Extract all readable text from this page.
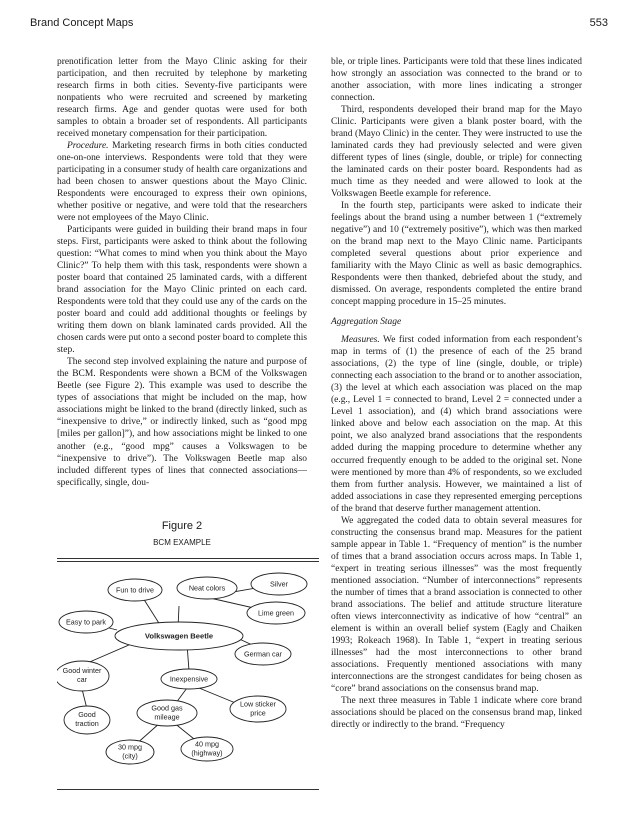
Brand Concept Maps	553

prenotification letter from the Mayo Clinic asking for their participation, and then recruited by telephone by marketing research firms in both cities. Seventy-five participants were nonpatients who were recruited and screened by marketing research firms. Age and gender quotas were used for both samples to obtain a broader set of respondents. All participants received monetary compensation for their participation.

Procedure. Marketing research firms in both cities conducted one-on-one interviews. Respondents were told that they were participating in a consumer study of health care organizations and had been chosen to answer questions about the Mayo Clinic. Respondents were encouraged to express their own opinions, whether positive or negative, and were told that the researchers were not employees of the Mayo Clinic.

Participants were guided in building their brand maps in four steps. First, participants were asked to think about the following question: “What comes to mind when you think about the Mayo Clinic?” To help them with this task, respondents were shown a poster board that contained 25 laminated cards, with a different brand association for the Mayo Clinic printed on each card. Respondents were told that they could use any of the cards on the poster board and could add additional thoughts or feelings by writing them down on blank laminated cards provided. All the chosen cards were put onto a second poster board to complete this step.

The second step involved explaining the nature and purpose of the BCM. Respondents were shown a BCM of the Volkswagen Beetle (see Figure 2). This example was used to describe the types of associations that might be included on the map, how associations might be linked to the brand (directly linked, such as “inexpensive to drive,” or indirectly linked, such as “good mpg [miles per gallon]”), and how associations might be linked to one another (e.g., “good mpg” causes a Volkswagen to be “inexpensive to drive”). The Volkswagen Beetle map also included different types of lines that connected associations—specifically, single, dou-

Figure 2
BCM EXAMPLE
Volkswagen Beetle
Fun to drive	Neat colors	Silver
Lime green
Easy to park
German car
Good winter
car	Inexpensive
Good
traction
Good gas
mileage
Low sticker
price
30 mpg
(city)
40 mpg
(highway)

ble, or triple lines. Participants were told that these lines indicated how strongly an association was connected to the brand or to another association, with more lines indicating a stronger connection.

Third, respondents developed their brand map for the Mayo Clinic. Participants were given a blank poster board, with the brand (Mayo Clinic) in the center. They were instructed to use the laminated cards they had previously selected and were given different types of lines (single, double, or triple) for connecting the laminated cards on their poster board. Respondents had as much time as they needed and were allowed to look at the Volkswagen Beetle example for reference.

In the fourth step, participants were asked to indicate their feelings about the brand using a number between 1 (“extremely negative”) and 10 (“extremely positive”), which was then marked on the brand map next to the Mayo Clinic name. Participants completed several questions about prior experience and familiarity with the Mayo Clinic as well as basic demographics. Respondents were then thanked, debriefed about the study, and dismissed. On average, respondents completed the entire brand concept mapping procedure in 15–25 minutes.

Aggregation Stage

Measures. We first coded information from each respondent’s map in terms of (1) the presence of each of the 25 brand associations, (2) the type of line (single, double, or triple) connecting each association to the brand or to another association, (3) the level at which each association was placed on the map (e.g., Level 1 = connected to brand, Level 2 = connected under a Level 1 association), and (4) which brand associations were linked above and below each association on the map. At this point, we also analyzed brand associations that the respondents added during the mapping procedure to determine whether any occurred frequently enough to be added to the original set. None were mentioned by more than 4% of respondents, so we excluded them from further analysis. However, we maintained a list of added associations in case they represented emerging perceptions of the brand that deserve further management attention.

We aggregated the coded data to obtain several measures for constructing the consensus brand map. Measures for the patient sample appear in Table 1. “Frequency of mention” is the number of times that a brand association occurs across maps. In Table 1, “expert in treating serious illnesses” was the most frequently mentioned association. “Number of interconnections” represents the number of times that a brand association is connected to other brand associations. The belief and attitude structure literature often views interconnectivity as indicative of how “central” an element is within an overall belief system (Eagly and Chaiken 1993; Rokeach 1968). In Table 1, “expert in treating serious illnesses” had the most interconnections to other brand associations. Frequently mentioned associations with many interconnections are the strongest candidates for being chosen as “core” brand associations on the consensus brand map.

The next three measures in Table 1 indicate where core brand associations should be placed on the consensus brand map, linked directly or indirectly to the brand. “Frequency
